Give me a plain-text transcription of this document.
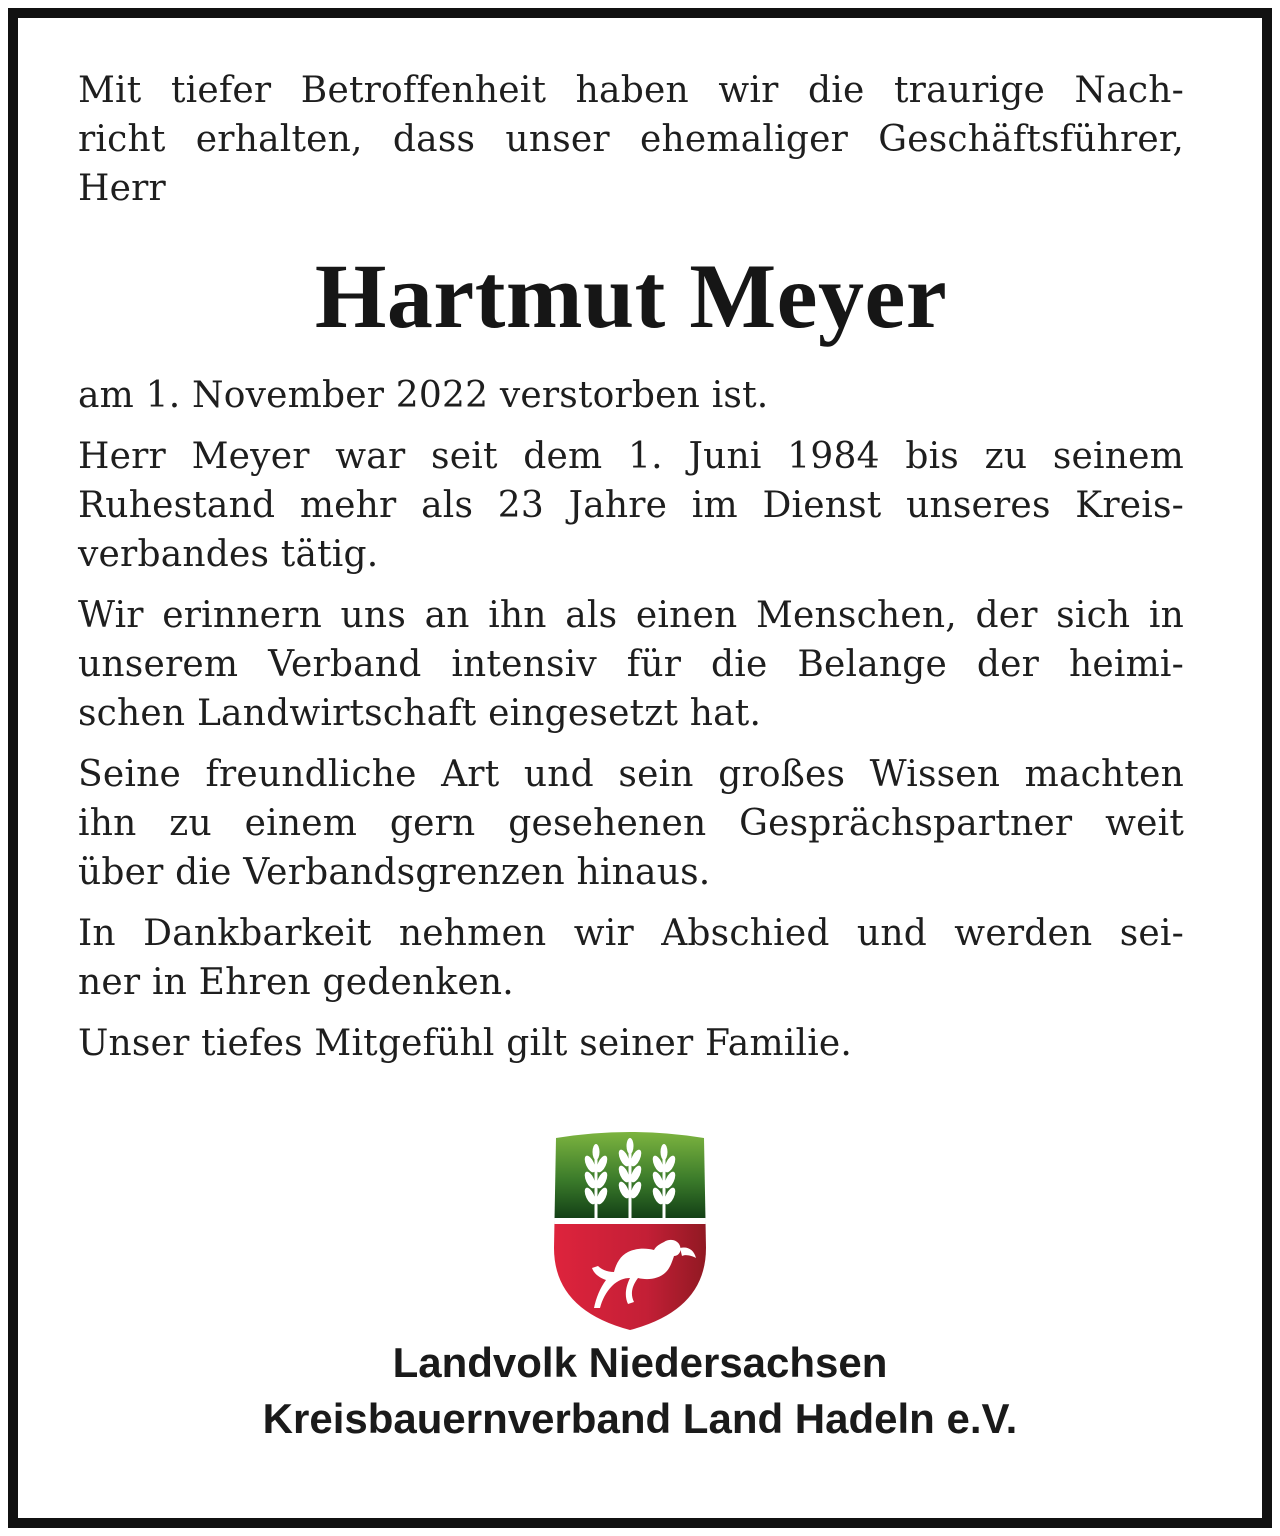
Mit tiefer Betroffenheit haben wir die traurige Nach-
richt erhalten, dass unser ehemaliger Geschäftsführer,
Herr

Hartmut Meyer

am 1. November 2022 verstorben ist.

Herr Meyer war seit dem 1. Juni 1984 bis zu seinem
Ruhestand mehr als 23 Jahre im Dienst unseres Kreis-
verbandes tätig.

Wir erinnern uns an ihn als einen Menschen, der sich in
unserem Verband intensiv für die Belange der heimi-
schen Landwirtschaft eingesetzt hat.

Seine freundliche Art und sein großes Wissen machten
ihn zu einem gern gesehenen Gesprächspartner weit
über die Verbandsgrenzen hinaus.

In Dankbarkeit nehmen wir Abschied und werden sei-
ner in Ehren gedenken.

Unser tiefes Mitgefühl gilt seiner Familie.

Landvolk Niedersachsen
Kreisbauernverband Land Hadeln e.V.
